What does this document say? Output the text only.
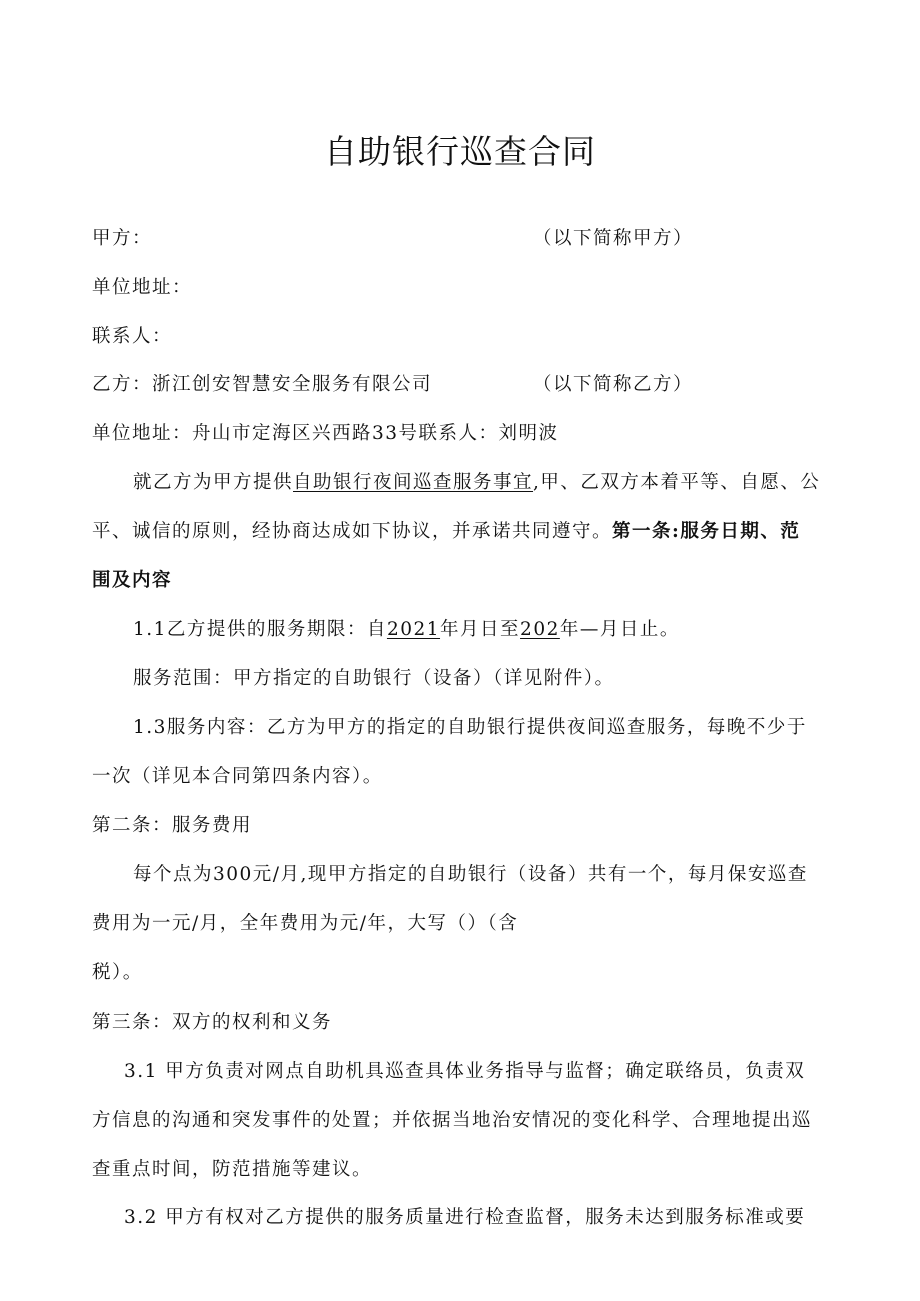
自助银行巡查合同
甲方：	（以下简称甲方）
单位地址：
联系人：
乙方：浙江创安智慧安全服务有限公司	（以下简称乙方）
单位地址：舟山市定海区兴西路33号联系人：刘明波
就乙方为甲方提供自助银行夜间巡查服务事宜,甲、乙双方本着平等、自愿、公
平、诚信的原则，经协商达成如下协议，并承诺共同遵守。第一条:服务日期、范
围及内容
1.1乙方提供的服务期限：自2021年月日至202年—月日止。
服务范围：甲方指定的自助银行（设备）（详见附件）。
1.3服务内容：乙方为甲方的指定的自助银行提供夜间巡查服务，每晚不少于
一次（详见本合同第四条内容）。
第二条：服务费用
每个点为300元/月,现甲方指定的自助银行（设备）共有一个，每月保安巡查
费用为一元/月，全年费用为元/年，大写（）（含
税）。
第三条：双方的权利和义务
3.1 甲方负责对网点自助机具巡查具体业务指导与监督；确定联络员，负责双
方信息的沟通和突发事件的处置；并依据当地治安情况的变化科学、合理地提出巡
查重点时间，防范措施等建议。
3.2 甲方有权对乙方提供的服务质量进行检查监督，服务未达到服务标准或要
